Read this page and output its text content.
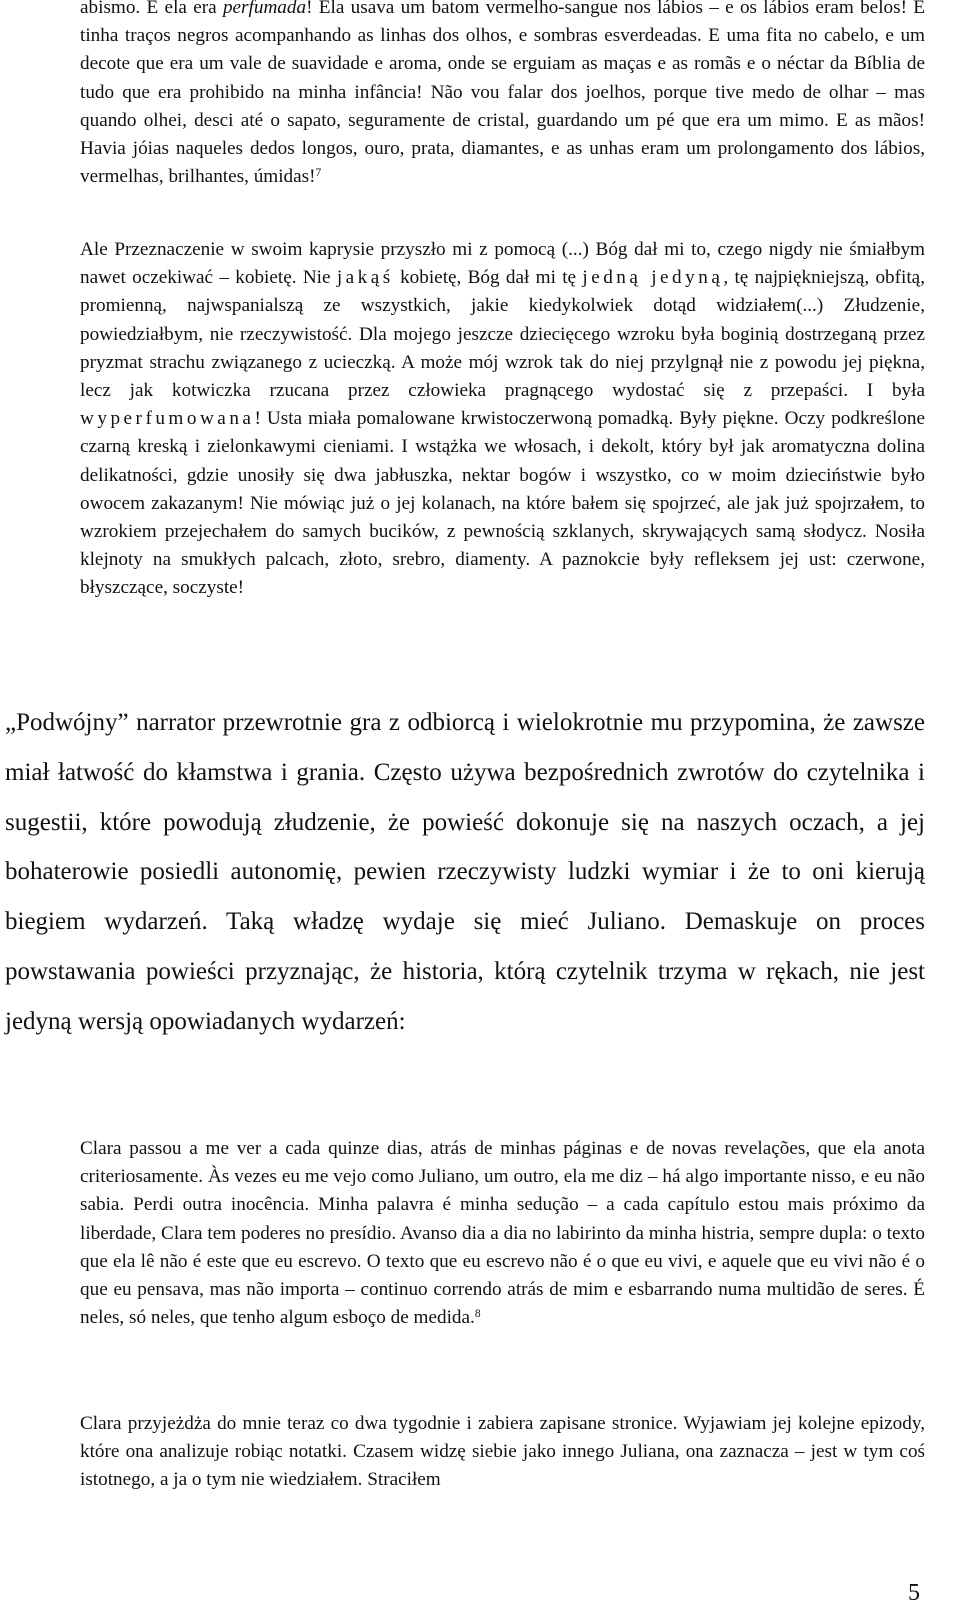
abismo. E ela era perfumada! Ela usava um batom vermelho-sangue nos lábios – e os lábios eram belos! E tinha traços negros acompanhando as linhas dos olhos, e sombras esverdeadas. E uma fita no cabelo, e um decote que era um vale de suavidade e aroma, onde se erguiam as maças e as romãs e o néctar da Bíblia de tudo que era prohibido na minha infância! Não vou falar dos joelhos, porque tive medo de olhar – mas quando olhei, desci até o sapato, seguramente de cristal, guardando um pé que era um mimo. E as mãos! Havia jóias naqueles dedos longos, ouro, prata, diamantes, e as unhas eram um prolongamento dos lábios, vermelhas, brilhantes, úmidas!$^7$

Ale Przeznaczenie w swoim kaprysie przyszło mi z pomocą (...) Bóg dał mi to, czego nigdy nie śmiałbym nawet oczekiwać – kobietę. Nie jakąś kobietę, Bóg dał mi tę jedną jedyną, tę najpiękniejszą, obfitą, promienną, najwspanialszą ze wszystkich, jakie kiedykolwiek dotąd widziałem(...) Złudzenie, powiedziałbym, nie rzeczywistość. Dla mojego jeszcze dziecięcego wzroku była boginią dostrzeganą przez pryzmat strachu związanego z ucieczką. A może mój wzrok tak do niej przylgnął nie z powodu jej piękna, lecz jak kotwiczka rzucana przez człowieka pragnącego wydostać się z przepaści. I była wyperfumowana! Usta miała pomalowane krwistoczerwoną pomadką. Były piękne. Oczy podkreślone czarną kreską i zielonkawymi cieniami. I wstążka we włosach, i dekolt, który był jak aromatyczna dolina delikatności, gdzie unosiły się dwa jabłuszka, nektar bogów i wszystko, co w moim dzieciństwie było owocem zakazanym! Nie mówiąc już o jej kolanach, na które bałem się spojrzeć, ale jak już spojrzałem, to wzrokiem przejechałem do samych bucików, z pewnością szklanych, skrywających samą słodycz. Nosiła klejnoty na smukłych palcach, złoto, srebro, diamenty. A paznokcie były refleksem jej ust: czerwone, błyszczące, soczyste!

„Podwójny” narrator przewrotnie gra z odbiorcą i wielokrotnie mu przypomina, że zawsze miał łatwość do kłamstwa i grania. Często używa bezpośrednich zwrotów do czytelnika i sugestii, które powodują złudzenie, że powieść dokonuje się na naszych oczach, a jej bohaterowie posiedli autonomię, pewien rzeczywisty ludzki wymiar i że to oni kierują biegiem wydarzeń. Taką władzę wydaje się mieć Juliano. Demaskuje on proces powstawania powieści przyznając, że historia, którą czytelnik trzyma w rękach, nie jest jedyną wersją opowiadanych wydarzeń:

Clara passou a me ver a cada quinze dias, atrás de minhas páginas e de novas revelações, que ela anota criteriosamente. Às vezes eu me vejo como Juliano, um outro, ela me diz – há algo importante nisso, e eu não sabia. Perdi outra inocência. Minha palavra é minha sedução – a cada capítulo estou mais próximo da liberdade, Clara tem poderes no presídio. Avanso dia a dia no labirinto da minha histria, sempre dupla: o texto que ela lê não é este que eu escrevo. O texto que eu escrevo não é o que eu vivi, e aquele que eu vivi não é o que eu pensava, mas não importa – continuo correndo atrás de mim e esbarrando numa multidão de seres. É neles, só neles, que tenho algum esboço de medida.$^8$

Clara przyjeżdża do mnie teraz co dwa tygodnie i zabiera zapisane stronice. Wyjawiam jej kolejne epizody, które ona analizuje robiąc notatki. Czasem widzę siebie jako innego Juliana, ona zaznacza – jest w tym coś istotnego, a ja o tym nie wiedziałem. Straciłem

5
